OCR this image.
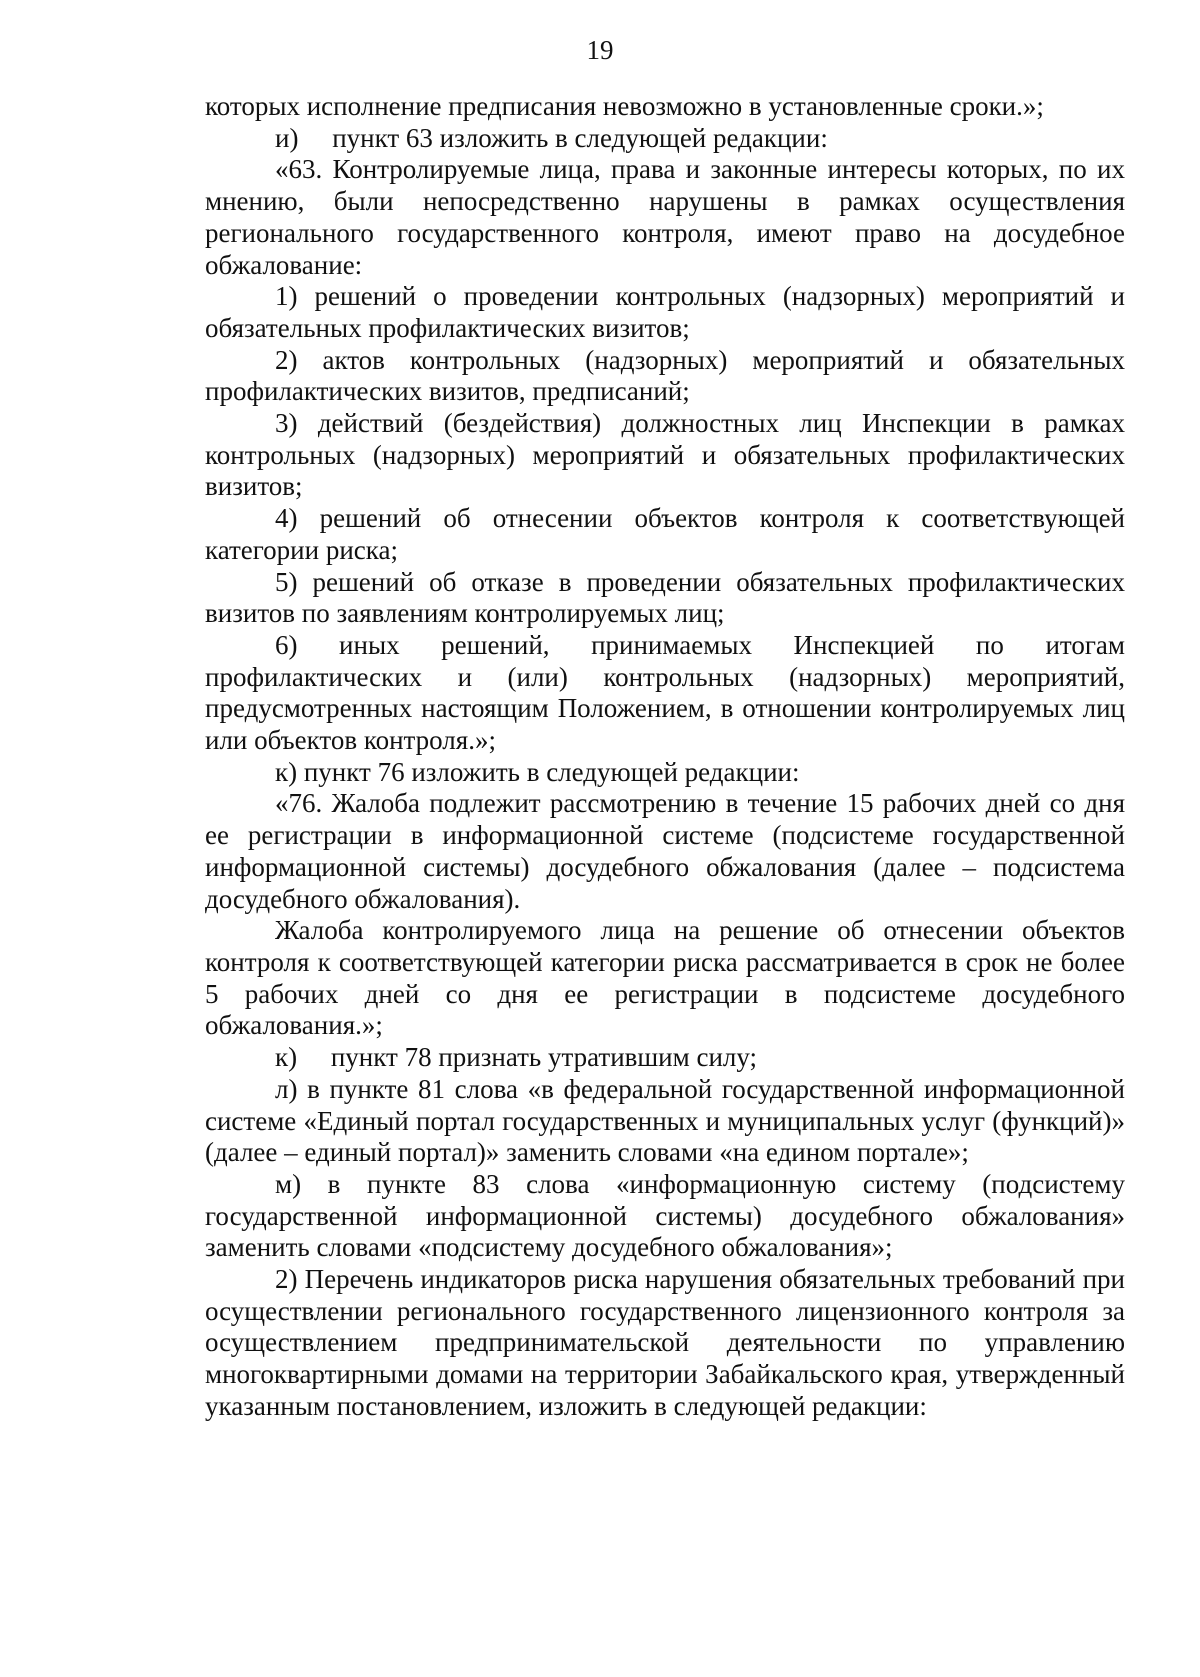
19

которых исполнение предписания невозможно в установленные сроки.»;

и)     пункт 63 изложить в следующей редакции:

«63. Контролируемые лица, права и законные интересы которых, по их мнению, были непосредственно нарушены в рамках осуществления регионального государственного контроля, имеют право на досудебное обжалование:

1) решений о проведении контрольных (надзорных) мероприятий и обязательных профилактических визитов;

2) актов контрольных (надзорных) мероприятий и обязательных профилактических визитов, предписаний;

3) действий (бездействия) должностных лиц Инспекции в рамках контрольных (надзорных) мероприятий и обязательных профилактических визитов;

4) решений об отнесении объектов контроля к соответствующей категории риска;

5) решений об отказе в проведении обязательных профилактических визитов по заявлениям контролируемых лиц;

6) иных решений, принимаемых Инспекцией по итогам профилактических и (или) контрольных (надзорных) мероприятий, предусмотренных настоящим Положением, в отношении контролируемых лиц или объектов контроля.»;

к) пункт 76 изложить в следующей редакции:

«76. Жалоба подлежит рассмотрению в течение 15 рабочих дней со дня ее регистрации в информационной системе (подсистеме государственной информационной системы) досудебного обжалования (далее – подсистема досудебного обжалования).

Жалоба контролируемого лица на решение об отнесении объектов контроля к соответствующей категории риска рассматривается в срок не более 5 рабочих дней со дня ее регистрации в подсистеме досудебного обжалования.»;

к)     пункт 78 признать утратившим силу;

л) в пункте 81 слова «в федеральной государственной информационной системе «Единый портал государственных и муниципальных услуг (функций)» (далее – единый портал)» заменить словами «на едином портале»;

м) в пункте 83 слова «информационную систему (подсистему государственной информационной системы) досудебного обжалования» заменить словами «подсистему досудебного обжалования»;

2) Перечень индикаторов риска нарушения обязательных требований при осуществлении регионального государственного лицензионного контроля за осуществлением предпринимательской деятельности по управлению многоквартирными домами на территории Забайкальского края, утвержденный указанным постановлением, изложить в следующей редакции:
